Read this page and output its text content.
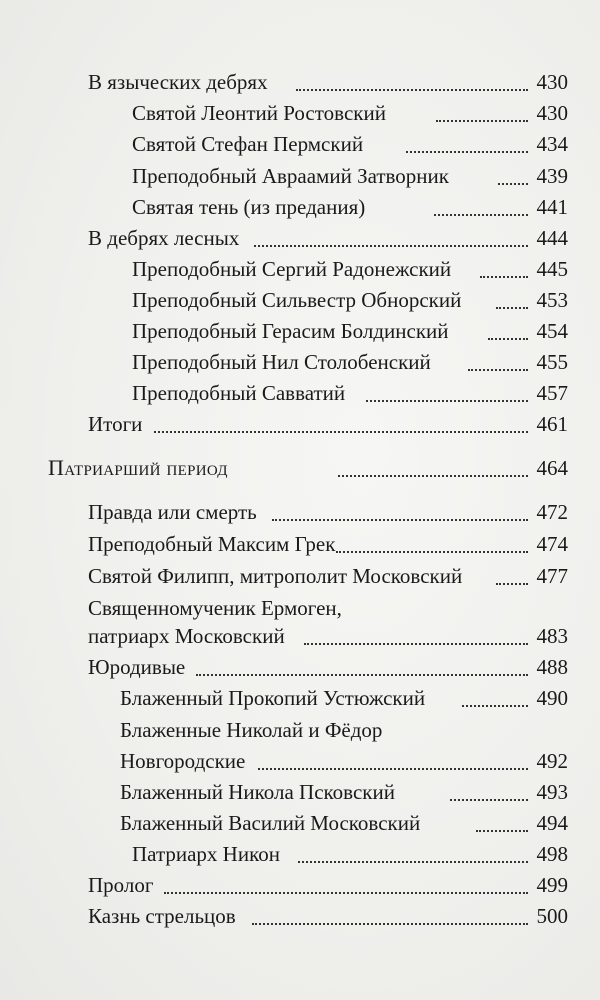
В языческих дебрях	430
Святой Леонтий Ростовский	430
Святой Стефан Пермский	434
Преподобный Авраамий Затворник	439
Святая тень (из предания)	441
В дебрях лесных	444
Преподобный Сергий Радонежский	445
Преподобный Сильвестр Обнорский	453
Преподобный Герасим Болдинский	454
Преподобный Нил Столобенский	455
Преподобный Савватий	457
Итоги	461
Патриарший период	464
Правда или смерть	472
Преподобный Максим Грек	474
Святой Филипп, митрополит Московский	477
Священномученик Ермоген,
патриарх Московский	483
Юродивые	488
Блаженный Прокопий Устюжский	490
Блаженные Николай и Фёдор
Новгородские	492
Блаженный Никола Псковский	493
Блаженный Василий Московский	494
Патриарх Никон	498
Пролог	499
Казнь стрельцов	500
